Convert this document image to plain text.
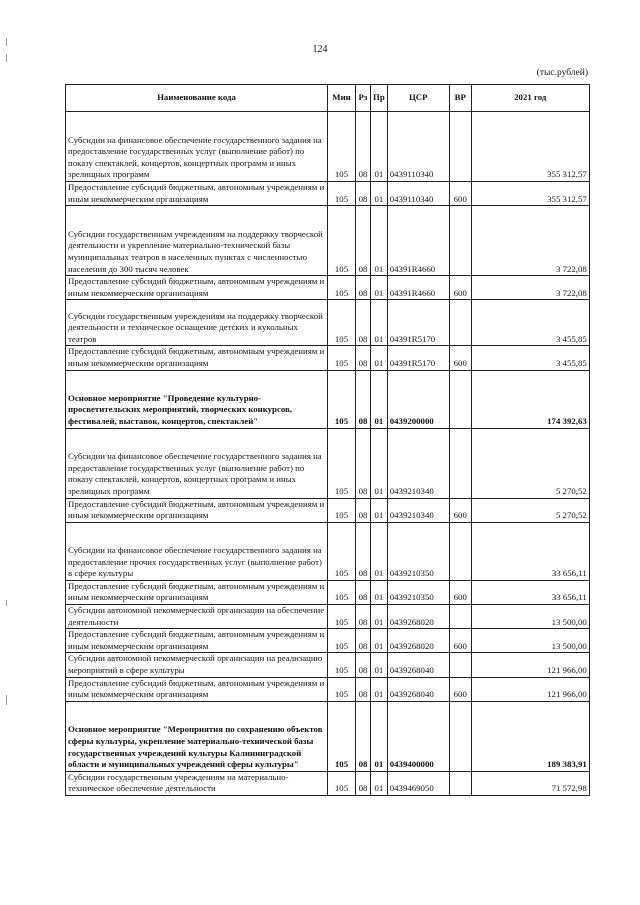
124
(тыс.рублей)
Наименование кода	Мин	Рз	Пр	ЦСР	ВР	2021 год
Субсидии на финансовое обеспечение государственного задания на предоставление государственных услуг (выполнение работ) по показу спектаклей, концертов, концертных программ и иных зрелищных программ	105	08	01	0439110340		355 312,57
Предоставление субсидий бюджетным, автономным учреждениям и иным некоммерческим организациям	105	08	01	0439110340	600	355 312,57
Субсидии государственным учреждениям на поддержку творческой деятельности и укрепление материально-технической базы муниципальных театров в населенных пунктах с численностью населения до 300 тысяч человек	105	08	01	04391R4660		3 722,08
Предоставление субсидий бюджетным, автономным учреждениям и иным некоммерческим организациям	105	08	01	04391R4660	600	3 722,08
Субсидии государственным учреждениям на поддержку творческой деятельности и техническое оснащение детских и кукольных театров	105	08	01	04391R5170		3 455,85
Предоставление субсидий бюджетным, автономным учреждениям и иным некоммерческим организациям	105	08	01	04391R5170	600	3 455,85
Основное мероприятие "Проведение культурно-просветительских мероприятий, творческих конкурсов, фестивалей, выставок, концертов, спектаклей"	105	08	01	0439200000		174 392,63
Субсидии на финансовое обеспечение государственного задания на предоставление государственных услуг (выполнение работ) по показу спектаклей, концертов, концертных программ и иных зрелищных программ	105	08	01	0439210340		5 270,52
Предоставление субсидий бюджетным, автономным учреждениям и иным некоммерческим организациям	105	08	01	0439210340	600	5 270,52
Субсидии на финансовое обеспечение государственного задания на предоставление прочих государственных услуг (выполнение работ) в сфере культуры	105	08	01	0439210350		33 656,11
Предоставление субсидий бюджетным, автономным учреждениям и иным некоммерческим организациям	105	08	01	0439210350	600	33 656,11
Субсидии автономной некоммерческой организации на обеспечение деятельности	105	08	01	0439268020		13 500,00
Предоставление субсидий бюджетным, автономным учреждениям и иным некоммерческим организациям	105	08	01	0439268020	600	13 500,00
Субсидии автономной некоммерческой организации на реализацию мероприятий в сфере культуры	105	08	01	0439268040		121 966,00
Предоставление субсидий бюджетным, автономным учреждениям и иным некоммерческим организациям	105	08	01	0439268040	600	121 966,00
Основное мероприятие "Мероприятия по сохранению объектов сферы культуры, укрепление материально-технической базы государственных учреждений культуры Калининградской области и муниципальных учреждений сферы культуры"	105	08	01	0439400000		189 383,91
Субсидии государственным учреждениям на материально-техническое обеспечение деятельности	105	08	01	0439469050		71 572,98
